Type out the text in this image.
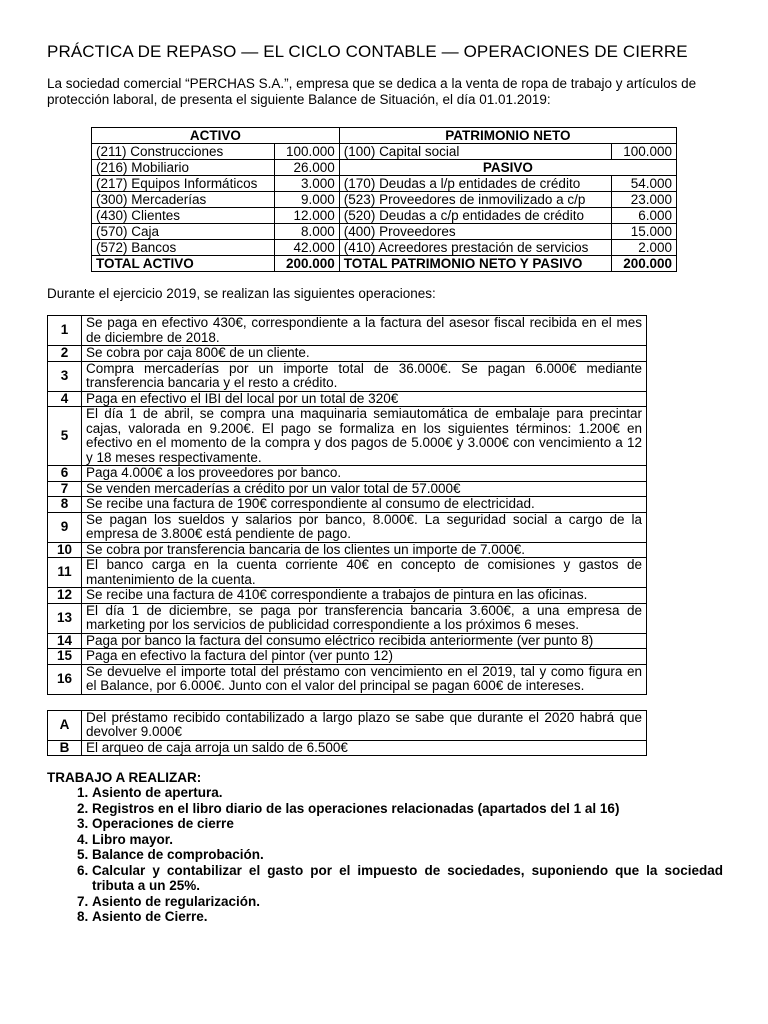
PRÁCTICA DE REPASO — EL CICLO CONTABLE — OPERACIONES DE CIERRE
La sociedad comercial “PERCHAS S.A.”, empresa que se dedica a la venta de ropa de trabajo y artículos de protección laboral, de presenta el siguiente Balance de Situación, el día 01.01.2019:
ACTIVO		PATRIMONIO NETO	
(211) Construcciones	100.000	(100) Capital social	100.000
(216) Mobiliario	26.000	PASIVO	
(217) Equipos Informáticos	3.000	(170) Deudas a l/p entidades de crédito	54.000
(300) Mercaderías	9.000	(523) Proveedores de inmovilizado a c/p	23.000
(430) Clientes	12.000	(520) Deudas a c/p entidades de crédito	6.000
(570) Caja	8.000	(400) Proveedores	15.000
(572) Bancos	42.000	(410) Acreedores prestación de servicios	2.000
TOTAL ACTIVO	200.000	TOTAL PATRIMONIO NETO Y PASIVO	200.000
Durante el ejercicio 2019, se realizan las siguientes operaciones:
1	Se paga en efectivo 430€, correspondiente a la factura del asesor fiscal recibida en el mes de diciembre de 2018.
2	Se cobra por caja 800€ de un cliente.
3	Compra mercaderías por un importe total de 36.000€. Se pagan 6.000€ mediante transferencia bancaria y el resto a crédito.
4	Paga en efectivo el IBI del local por un total de 320€
5	El día 1 de abril, se compra una maquinaria semiautomática de embalaje para precintar cajas, valorada en 9.200€. El pago se formaliza en los siguientes términos: 1.200€ en efectivo en el momento de la compra y dos pagos de 5.000€ y 3.000€ con vencimiento a 12 y 18 meses respectivamente.
6	Paga 4.000€ a los proveedores por banco.
7	Se venden mercaderías a crédito por un valor total de 57.000€
8	Se recibe una factura de 190€ correspondiente al consumo de electricidad.
9	Se pagan los sueldos y salarios por banco, 8.000€. La seguridad social a cargo de la empresa de 3.800€ está pendiente de pago.
10	Se cobra por transferencia bancaria de los clientes un importe de 7.000€.
11	El banco carga en la cuenta corriente 40€ en concepto de comisiones y gastos de mantenimiento de la cuenta.
12	Se recibe una factura de 410€ correspondiente a trabajos de pintura en las oficinas.
13	El día 1 de diciembre, se paga por transferencia bancaria 3.600€, a una empresa de marketing por los servicios de publicidad correspondiente a los próximos 6 meses.
14	Paga por banco la factura del consumo eléctrico recibida anteriormente (ver punto 8)
15	Paga en efectivo la factura del pintor (ver punto 12)
16	Se devuelve el importe total del préstamo con vencimiento en el 2019, tal y como figura en el Balance, por 6.000€. Junto con el valor del principal se pagan 600€ de intereses.
A	Del préstamo recibido contabilizado a largo plazo se sabe que durante el 2020 habrá que devolver 9.000€
B	El arqueo de caja arroja un saldo de 6.500€
TRABAJO A REALIZAR:
1. Asiento de apertura.
2. Registros en el libro diario de las operaciones relacionadas (apartados del 1 al 16)
3. Operaciones de cierre
4. Libro mayor.
5. Balance de comprobación.
6. Calcular y contabilizar el gasto por el impuesto de sociedades, suponiendo que la sociedad tributa a un 25%.
7. Asiento de regularización.
8. Asiento de Cierre.
